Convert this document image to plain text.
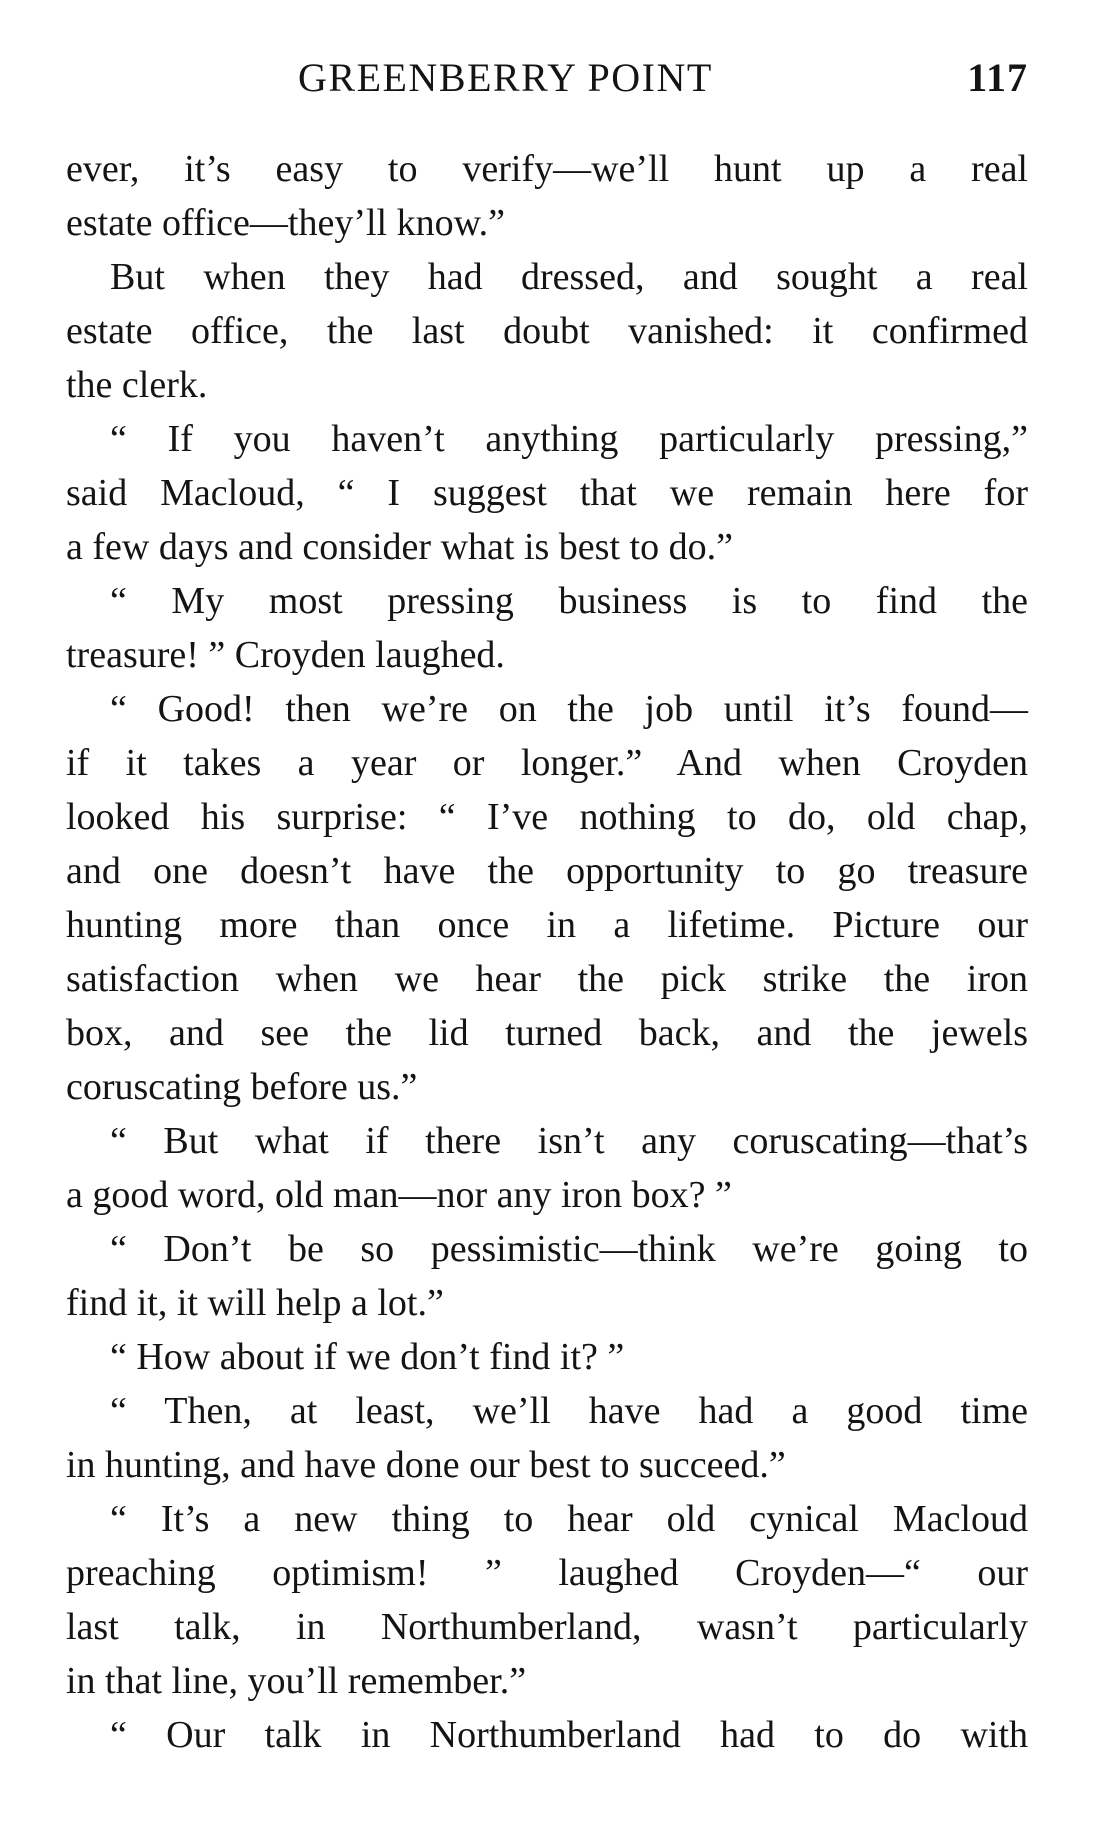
GREENBERRY POINT	117
ever, it’s easy to verify—we’ll hunt up a real
estate office—they’ll know.”
But when they had dressed, and sought a real
estate office, the last doubt vanished: it confirmed
the clerk.
“ If you haven’t anything particularly pressing,”
said Macloud, “ I suggest that we remain here for
a few days and consider what is best to do.”
“ My most pressing business is to find the
treasure! ” Croyden laughed.
“ Good! then we’re on the job until it’s found—
if it takes a year or longer.” And when Croyden
looked his surprise: “ I’ve nothing to do, old chap,
and one doesn’t have the opportunity to go treasure
hunting more than once in a lifetime. Picture our
satisfaction when we hear the pick strike the iron
box, and see the lid turned back, and the jewels
coruscating before us.”
“ But what if there isn’t any coruscating—that’s
a good word, old man—nor any iron box? ”
“ Don’t be so pessimistic—think we’re going to
find it, it will help a lot.”
“ How about if we don’t find it? ”
“ Then, at least, we’ll have had a good time
in hunting, and have done our best to succeed.”
“ It’s a new thing to hear old cynical Macloud
preaching optimism! ” laughed Croyden—“ our
last talk, in Northumberland, wasn’t particularly
in that line, you’ll remember.”
“ Our talk in Northumberland had to do with
